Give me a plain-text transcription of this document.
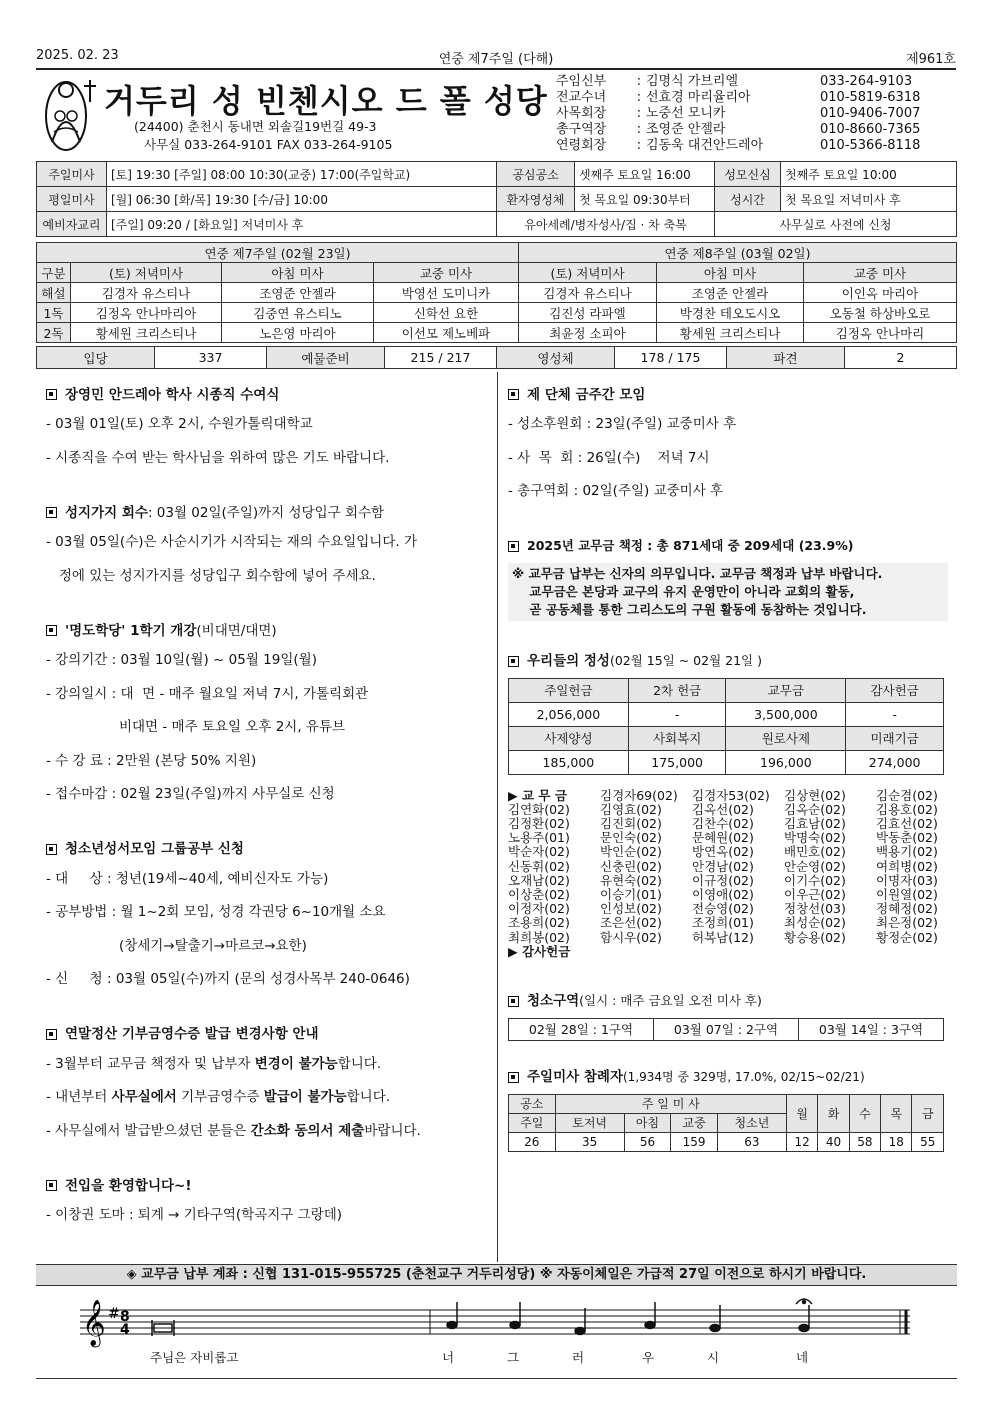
2025. 02. 23	연중 제7주일 (다해)	제961호
거두리 성 빈첸시오 드 폴 성당
(24400) 춘천시 동내면 외솔길19번길 49-3
사무실 033-264-9101 FAX 033-264-9105
주임신부	: 김명식 가브리엘	033-264-9103
전교수녀	: 선효경 마리율리아	010-5819-6318
사목회장	: 노중선 모니카	010-9406-7007
총구역장	: 조영준 안젤라	010-8660-7365
연령회장	: 김동욱 대건안드레아	010-5366-8118
주일미사	[토] 19:30 [주일] 08:00 10:30(교중) 17:00(주일학교)	공심공소	셋째주 토요일 16:00	성모신심	첫째주 토요일 10:00
평일미사	[월] 06:30 [화/목] 19:30 [수/금] 10:00	환자영성체	첫 목요일 09:30부터	성시간	첫 목요일 저녁미사 후
예비자교리	[주일] 09:20 / [화요일] 저녁미사 후	유아세례/병자성사/집 · 차 축복		사무실로 사전에 신청	
연중 제7주일 (02월 23일)				연중 제8주일 (03월 02일)		
구분	(토) 저녁미사	아침 미사	교중 미사	(토) 저녁미사	아침 미사	교중 미사
해설	김경자 유스티나	조영준 안젤라	박영선 도미니카	김경자 유스티나	조영준 안젤라	이인옥 마리아
1독	김정옥 안나마리아	김중연 유스티노	신학선 요한	김진성 라파엘	박경찬 테오도시오	오동철 하상바오로
2독	황세원 크리스티나	노은영 마리아	이선모 제노베파	최윤정 소피아	황세원 크리스티나	김정옥 안나마리
입당	337	예물준비	215 / 217	영성체	178 / 175	파견	2
장영민 안드레아 학사 시종직 수여식
- 03월 01일(토) 오후 2시, 수원가톨릭대학교
- 시종직을 수여 받는 학사님을 위하여 많은 기도 바랍니다.
성지가지 회수 : 03월 02일(주일)까지 성당입구 회수함
- 03월 05일(수)은 사순시기가 시작되는 재의 수요일입니다. 가
정에 있는 성지가지를 성당입구 회수함에 넣어 주세요.
'명도학당' 1학기 개강 (비대면/대면)
- 강의기간 : 03월 10일(월) ~ 05월 19일(월)
- 강의일시 : 대  면 - 매주 월요일 저녁 7시, 가톨릭회관
비대면 - 매주 토요일 오후 2시, 유튜브
- 수 강 료 : 2만원 (본당 50% 지원)
- 접수마감 : 02월 23일(주일)까지 사무실로 신청
청소년성서모임 그룹공부 신청
- 대     상 : 청년(19세~40세, 예비신자도 가능)
- 공부방법 : 월 1~2회 모임, 성경 각권당 6~10개월 소요
(창세기→탈출기→마르코→요한)
- 신     청 : 03월 05일(수)까지 (문의 성경사목부 240-0646)
연말정산 기부금영수증 발급 변경사항 안내
- 3월부터 교무금 책정자 및 납부자 변경이 불가능합니다.
- 내년부터 사무실에서 기부금영수증 발급이 불가능합니다.
- 사무실에서 발급받으셨던 분들은 간소화 동의서 제출바랍니다.
전입을 환영합니다~!
- 이창권 도마 : 퇴계 → 기타구역(학곡지구 그랑데)
제 단체 금주간 모임
- 성소후원회 : 23일(주일) 교중미사 후
- 사  목  회 : 26일(수)    저녁 7시
- 총구역회 : 02일(주일) 교중미사 후
2025년 교무금 책정 : 총 871세대 중 209세대 (23.9%)
※ 교무금 납부는 신자의 의무입니다. 교무금 책정과 납부 바랍니다.
교무금은 본당과 교구의 유지 운영만이 아니라 교회의 활동,
곧 공동체를 통한 그리스도의 구원 활동에 동참하는 것입니다.
우리들의 정성 (02월 15일 ~ 02월 21일 )
주일헌금	2차 헌금	교무금	감사헌금
2,056,000	-	3,500,000	-
사제양성	사회복지	원로사제	미래기금
185,000	175,000	196,000	274,000
▶ 교 무 금	김경자69(02)	김경자53(02)	김상현(02)	김순겸(02)
김연화(02)	김영효(02)	김옥선(02)	김옥순(02)	김용호(02)
김정환(02)	김진회(02)	김찬수(02)	김효남(02)	김효선(02)
노용주(01)	문인숙(02)	문혜원(02)	박명숙(02)	박동춘(02)
박순자(02)	박인순(02)	방연옥(02)	배민호(02)	백용기(02)
신동휘(02)	신충린(02)	안경남(02)	안순영(02)	여희병(02)
오재남(02)	유현숙(02)	이규정(02)	이기수(02)	이명자(03)
이상춘(02)	이승기(01)	이영애(02)	이우근(02)	이원열(02)
이정자(02)	인성보(02)	전승영(02)	정창선(03)	정혜정(02)
조용희(02)	조은선(02)	조정희(01)	최성순(02)	최은정(02)
최희봉(02)	함시우(02)	허복남(12)	황승용(02)	황정순(02)
▶ 감사헌금
청소구역 (일시 : 매주 금요일 오전 미사 후)
02월 28일 : 1구역	03월 07일 : 2구역	03월 14일 : 3구역
주일미사 참례자 (1,934명 중 329명, 17.0%, 02/15~02/21)
공소	주 일 미 사				월	화	수	목	금
주일	토저녁	아침	교중	청소년					
26	35	56	159	63	12	40	58	18	55
◈ 교무금 납부 계좌 : 신협 131-015-955725 (춘천교구 거두리성당) ※ 자동이체일은 가급적 27일 이전으로 하시기 바랍니다.
𝄞 # 8
4
주님은 자비롭고	너	그	러	우	시	네
